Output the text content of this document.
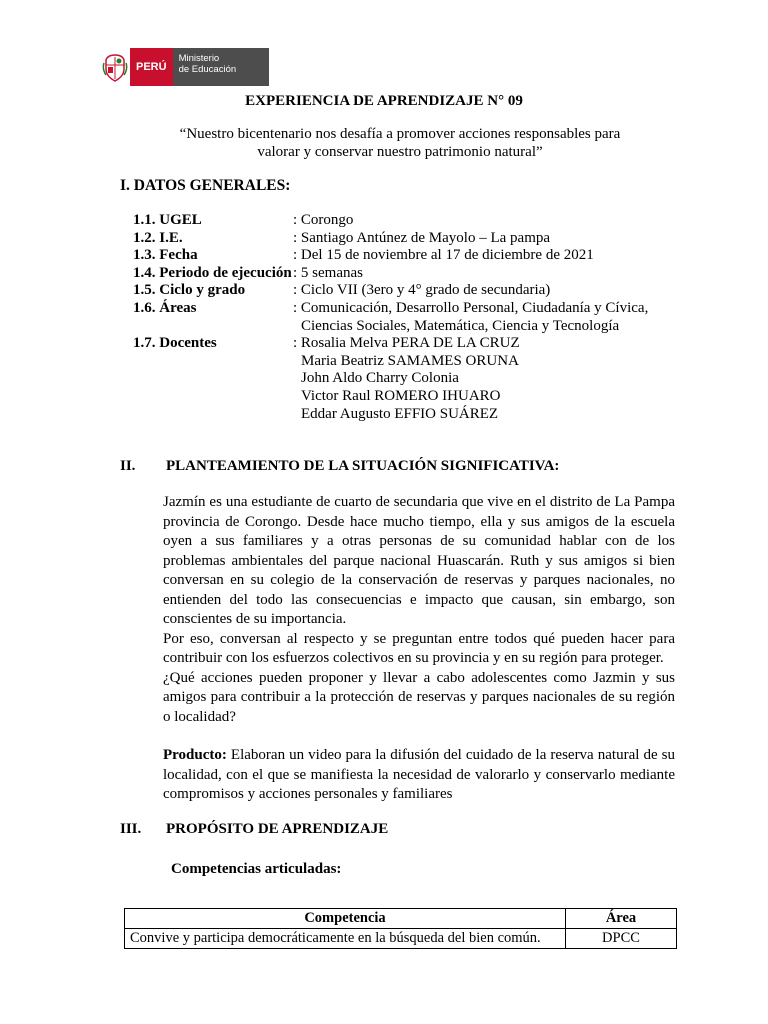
PERÚ
Ministerio
de Educación
EXPERIENCIA DE APRENDIZAJE N° 09
“Nuestro bicentenario nos desafía a promover acciones responsables para valorar y conservar nuestro patrimonio natural”
I. DATOS GENERALES:
1.1. UGEL	: Corongo
1.2. I.E.	: Santiago Antúnez de Mayolo – La pampa
1.3. Fecha	: Del 15 de noviembre al 17 de diciembre de 2021
1.4. Periodo de ejecución : 5 semanas
1.5. Ciclo y grado	: Ciclo VII (3ero y 4° grado de secundaria)
1.6. Áreas	: Comunicación, Desarrollo Personal, Ciudadanía y Cívica,
Ciencias Sociales, Matemática, Ciencia y Tecnología
1.7. Docentes	: Rosalia Melva PERA DE LA CRUZ
Maria Beatriz SAMAMES ORUNA
John Aldo Charry Colonia
Victor Raul ROMERO IHUARO
Eddar Augusto EFFIO SUÁREZ
II. PLANTEAMIENTO DE LA SITUACIÓN SIGNIFICATIVA:

Jazmín es una estudiante de cuarto de secundaria que vive en el distrito de La Pampa provincia de Corongo. Desde hace mucho tiempo, ella y sus amigos de la escuela oyen a sus familiares y a otras personas de su comunidad hablar con de los problemas ambientales del parque nacional Huascarán. Ruth y sus amigos si bien conversan en su colegio de la conservación de reservas y parques nacionales, no entienden del todo las consecuencias e impacto que causan, sin embargo, son conscientes de su importancia.

Por eso, conversan al respecto y se preguntan entre todos qué pueden hacer para contribuir con los esfuerzos colectivos en su provincia y en su región para proteger.

¿Qué acciones pueden proponer y llevar a cabo adolescentes como Jazmin y sus amigos para contribuir a la protección de reservas y parques nacionales de su región o localidad?

Producto: Elaboran un video para la difusión del cuidado de la reserva natural de su localidad, con el que se manifiesta la necesidad de valorarlo y conservarlo mediante compromisos y acciones personales y familiares

III. PROPÓSITO DE APRENDIZAJE
Competencias articuladas:
Competencia	Área
Convive y participa democráticamente en la búsqueda del bien común.	DPCC
